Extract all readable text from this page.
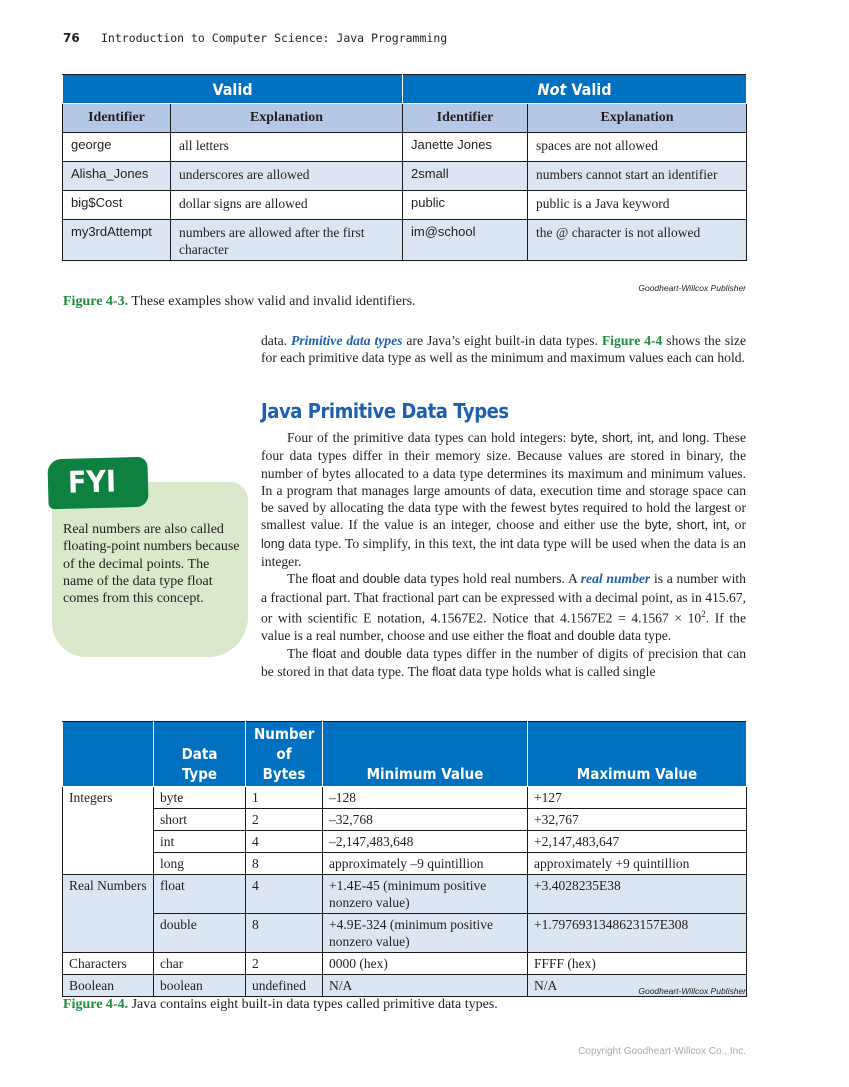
76 Introduction to Computer Science: Java Programming
Valid		Not Valid	
Identifier	Explanation	Identifier	Explanation
george	all letters	Janette Jones	spaces are not allowed
Alisha_Jones	underscores are allowed	2small	numbers cannot start an identifier
big$Cost	dollar signs are allowed	public	public is a Java keyword
my3rdAttempt	numbers are allowed after the first character	im@school	the @ character is not allowed
Goodheart-Willcox Publisher
Figure 4-3. These examples show valid and invalid identifiers.

data. Primitive data types are Java’s eight built-in data types. Figure 4-4 shows the size for each primitive data type as well as the minimum and maximum values each can hold.

Java Primitive Data Types

Four of the primitive data types can hold integers: byte, short, int, and long. These four data types differ in their memory size. Because values are stored in binary, the number of bytes allocated to a data type determines its maximum and minimum values. In a program that manages large amounts of data, execution time and storage space can be saved by allocating the data type with the fewest bytes required to hold the largest or smallest value. If the value is an integer, choose and either use the byte, short, int, or long data type. To simplify, in this text, the int data type will be used when the data is an integer.

The float and double data types hold real numbers. A real number is a number with a fractional part. That fractional part can be expressed with a decimal point, as in 415.67, or with scientific E notation, 4.1567E2. Notice that $4.1567E2 = 4.1567 \times 10^2$. If the value is a real number, choose and use either the float and double data type.

The float and double data types differ in the number of digits of precision that can be stored in that data type. The float data type holds what is called single

FYI
Real numbers are also called floating-point numbers because of the decimal points. The name of the data type float comes from this concept.
	Data Type	Number of Bytes	Minimum Value	Maximum Value
Integers	byte	1	–128	+127
	short	2	–32,768	+32,767
	int	4	–2,147,483,648	+2,147,483,647
	long	8	approximately –9 quintillion	approximately +9 quintillion
Real Numbers	float	4	+1.4E-45 (minimum positive nonzero value)	+3.4028235E38
	double	8	+4.9E-324 (minimum positive nonzero value)	+1.7976931348623157E308
Characters	char	2	0000 (hex)	FFFF (hex)
Boolean	boolean	undefined	N/A	N/A	Goodheart-Willcox Publisher
Figure 4-4. Java contains eight built-in data types called primitive data types.
Copyright Goodheart-Willcox Co., Inc.
